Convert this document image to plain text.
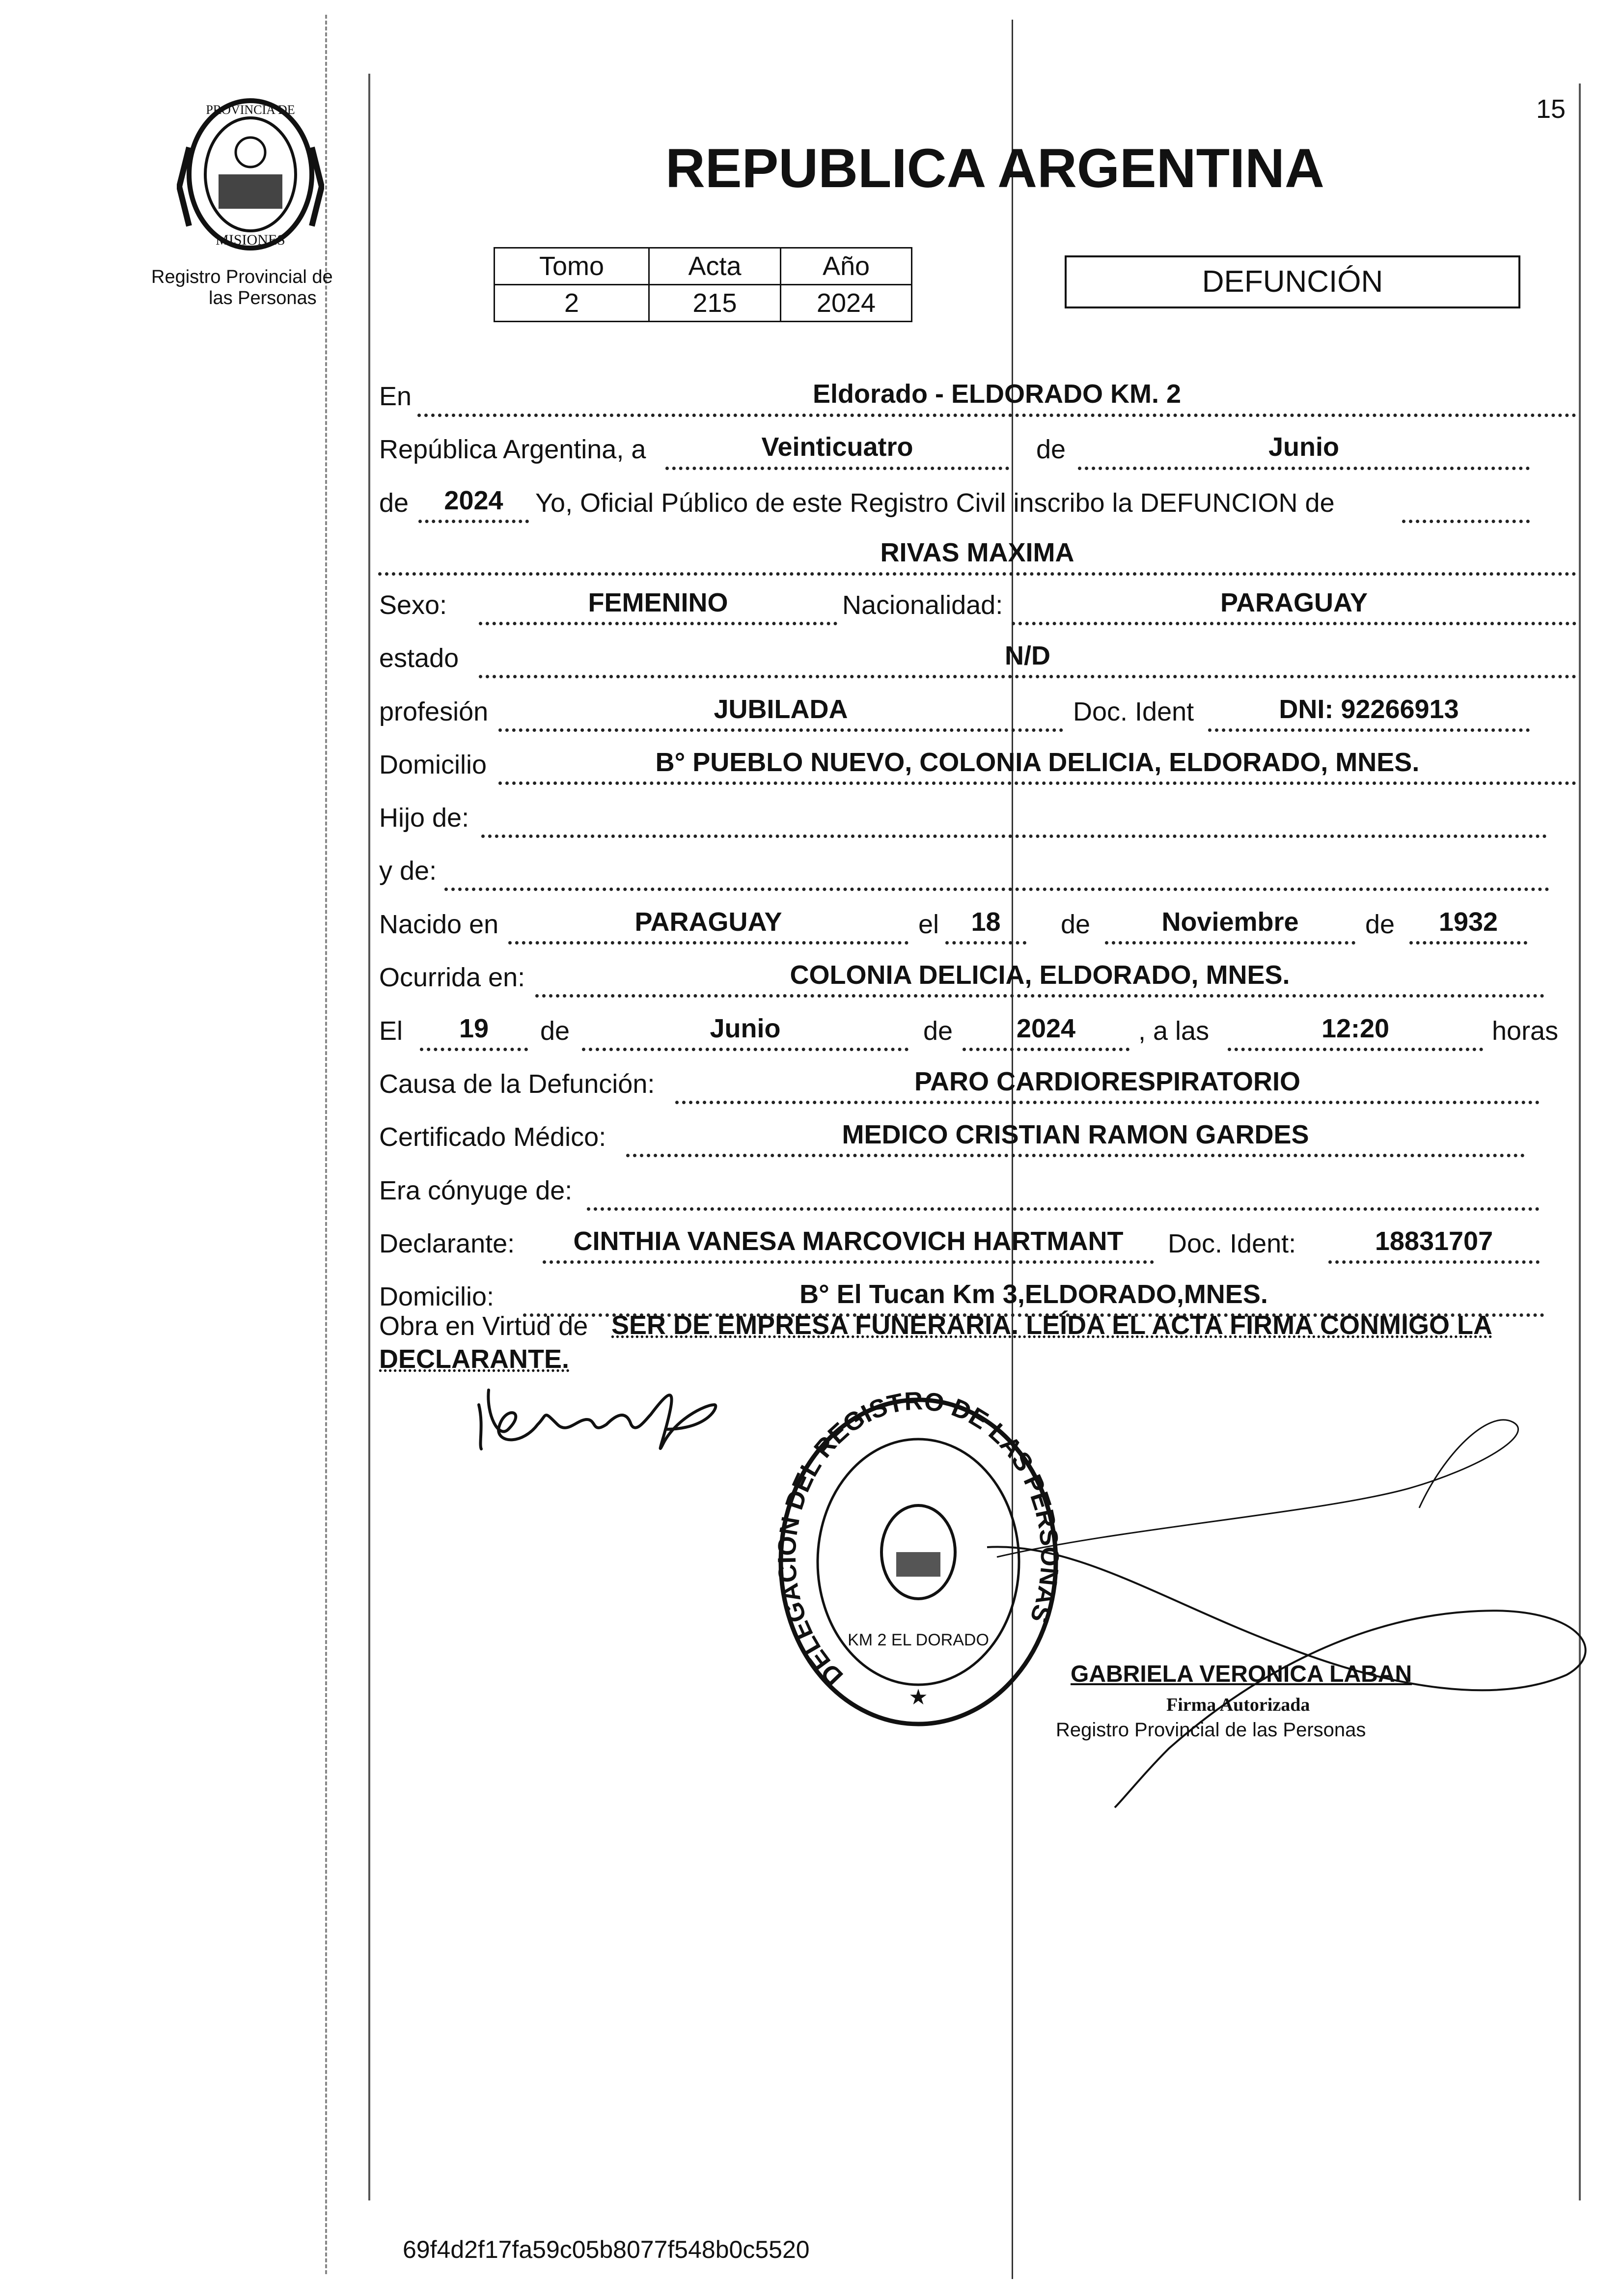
15
PROVINCIA DE
MISIONES
Registro Provincial de
las Personas
REPUBLICA ARGENTINA
Tomo	Acta	Año
2	215	2024
DEFUNCIÓN
En	Eldorado - ELDORADO KM. 2
República Argentina, a	Veinticuatro	de	Junio
de	2024	Yo, Oficial Público de este Registro Civil inscribo la DEFUNCION de
RIVAS MAXIMA
Sexo:	FEMENINO	Nacionalidad:	PARAGUAY
estado	N/D
profesión	JUBILADA	Doc. Ident	DNI: 92266913
Domicilio	B° PUEBLO NUEVO, COLONIA DELICIA, ELDORADO, MNES.
Hijo de:
y de:
Nacido en	PARAGUAY	el	18	de	Noviembre	de	1932
Ocurrida en:	COLONIA DELICIA, ELDORADO, MNES.
El	19	de	Junio	de	2024	, a las	12:20	horas
Causa de la Defunción:	PARO CARDIORESPIRATORIO
Certificado Médico:	MEDICO CRISTIAN RAMON GARDES
Era cónyuge de:
Declarante:	CINTHIA VANESA MARCOVICH HARTMANT	Doc. Ident:	18831707
Domicilio:	B° El Tucan Km 3,ELDORADO,MNES.
Obra en Virtud de SER DE EMPRESA FUNERARIA. LEÍDA EL ACTA FIRMA CONMIGO LA
DECLARANTE.
DELEGACION DEL REGISTRO DE LAS PERSONAS
KM 2 EL DORADO
★
GABRIELA VERONICA LABAN
Firma Autorizada
Registro Provincial de las Personas
69f4d2f17fa59c05b8077f548b0c5520
